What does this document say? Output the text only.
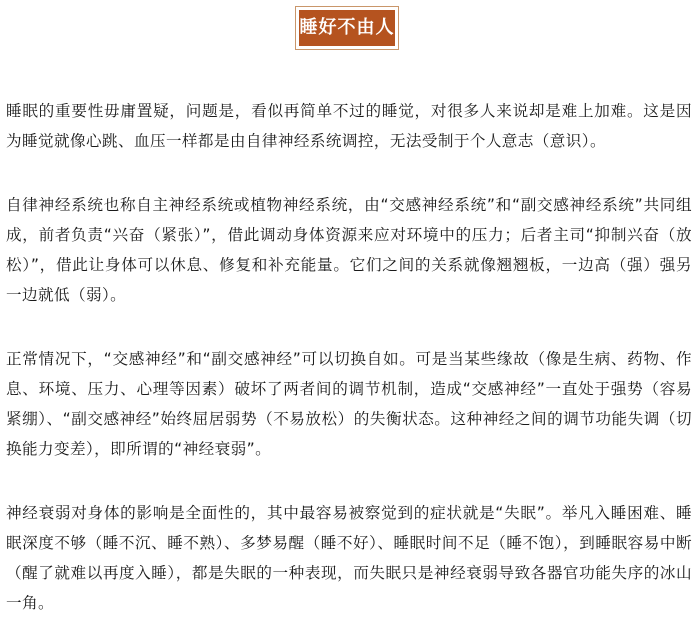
睡好不由人

睡眠的重要性毋庸置疑，问题是，看似再简单不过的睡觉，对很多人来说却是难上加难。这是因为睡觉就像心跳、血压一样都是由自律神经系统调控，无法受制于个人意志（意识）。

自律神经系统也称自主神经系统或植物神经系统，由“交感神经系统”和“副交感神经系统”共同组成，前者负责“兴奋（紧张）”，借此调动身体资源来应对环境中的压力；后者主司“抑制兴奋（放松）”，借此让身体可以休息、修复和补充能量。它们之间的关系就像翘翘板，一边高（强）强另一边就低（弱）。

正常情况下，“交感神经”和“副交感神经”可以切换自如。可是当某些缘故（像是生病、药物、作息、环境、压力、心理等因素）破坏了两者间的调节机制，造成“交感神经”一直处于强势（容易紧绷）、“副交感神经”始终屈居弱势（不易放松）的失衡状态。这种神经之间的调节功能失调（切换能力变差），即所谓的“神经衰弱”。

神经衰弱对身体的影响是全面性的，其中最容易被察觉到的症状就是“失眠”。举凡入睡困难、睡眠深度不够（睡不沉、睡不熟）、多梦易醒（睡不好）、睡眠时间不足（睡不饱），到睡眠容易中断（醒了就难以再度入睡），都是失眠的一种表现，而失眠只是神经衰弱导致各器官功能失序的冰山一角。
